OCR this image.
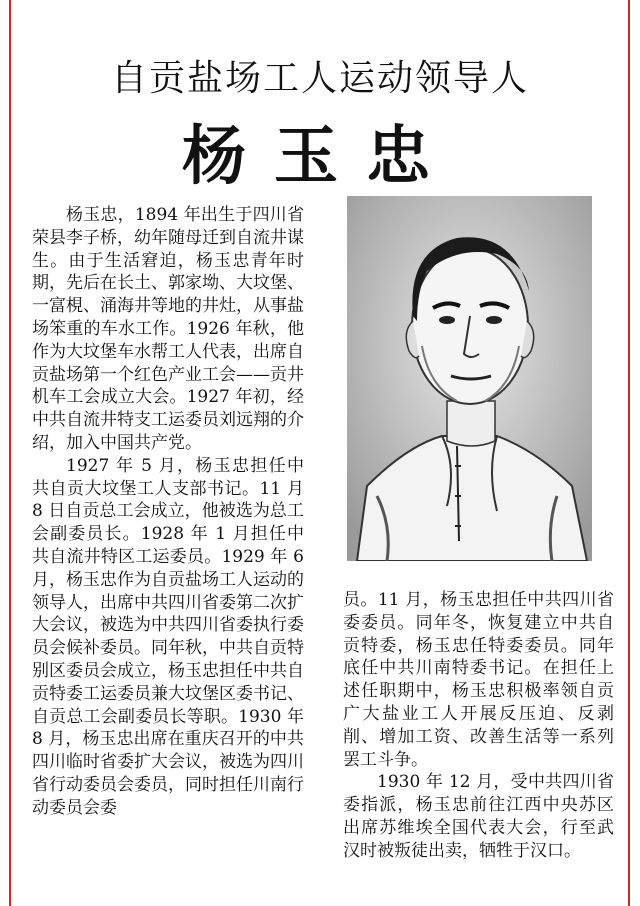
自贡盐场工人运动领导人
杨玉忠

杨玉忠，1894 年出生于四川省荣县李子桥，幼年随母迁到自流井谋生。由于生活窘迫，杨玉忠青年时期，先后在长土、郭家坳、大坟堡、一富梘、涌海井等地的井灶，从事盐场笨重的车水工作。1926 年秋，他作为大坟堡车水帮工人代表，出席自贡盐场第一个红色产业工会——贡井机车工会成立大会。1927 年初，经中共自流井特支工运委员刘远翔的介绍，加入中国共产党。

1927 年 5 月，杨玉忠担任中共自贡大坟堡工人支部书记。11 月 8 日自贡总工会成立，他被选为总工会副委员长。1928 年 1 月担任中共自流井特区工运委员。1929 年 6 月，杨玉忠作为自贡盐场工人运动的领导人，出席中共四川省委第二次扩大会议，被选为中共四川省委执行委员会候补委员。同年秋，中共自贡特别区委员会成立，杨玉忠担任中共自贡特委工运委员兼大坟堡区委书记、自贡总工会副委员长等职。1930 年 8 月，杨玉忠出席在重庆召开的中共四川临时省委扩大会议，被选为四川省行动委员会委员，同时担任川南行动委员会委

员。11 月，杨玉忠担任中共四川省委委员。同年冬，恢复建立中共自贡特委，杨玉忠任特委委员。同年底任中共川南特委书记。在担任上述任职期中，杨玉忠积极率领自贡广大盐业工人开展反压迫、反剥削、增加工资、改善生活等一系列罢工斗争。

1930 年 12 月，受中共四川省委指派，杨玉忠前往江西中央苏区出席苏维埃全国代表大会，行至武汉时被叛徒出卖，牺牲于汉口。
